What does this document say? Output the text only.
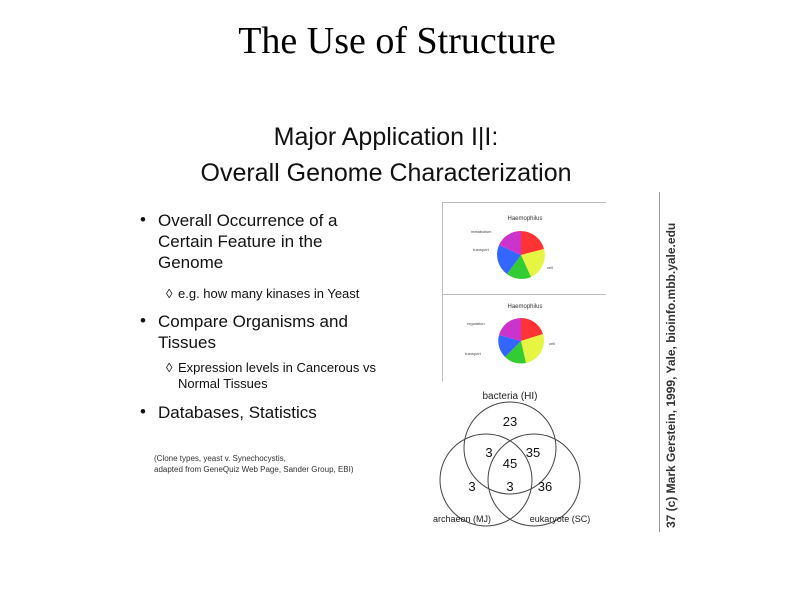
The Use of Structure
Major Application I|I:
Overall Genome Characterization
• Overall Occurrence of a
Certain Feature in the
Genome
◊ e.g. how many kinases in Yeast
• Compare Organisms and
Tissues
◊ Expression levels in Cancerous vs
Normal Tissues
• Databases, Statistics
(Clone types, yeast v. Synechocystis,
adapted from GeneQuiz Web Page, Sander Group, EBI)
Haemophilus
metabolism
transport
cell
Haemophilus
regulation
transport
cell
bacteria (HI)
23
3	35
45
3 3 36
archaeon (MJ)	eukaryote (SC)	37 (c) Mark Gerstein, 1999, Yale, bioinfo.mbb.yale.edu
